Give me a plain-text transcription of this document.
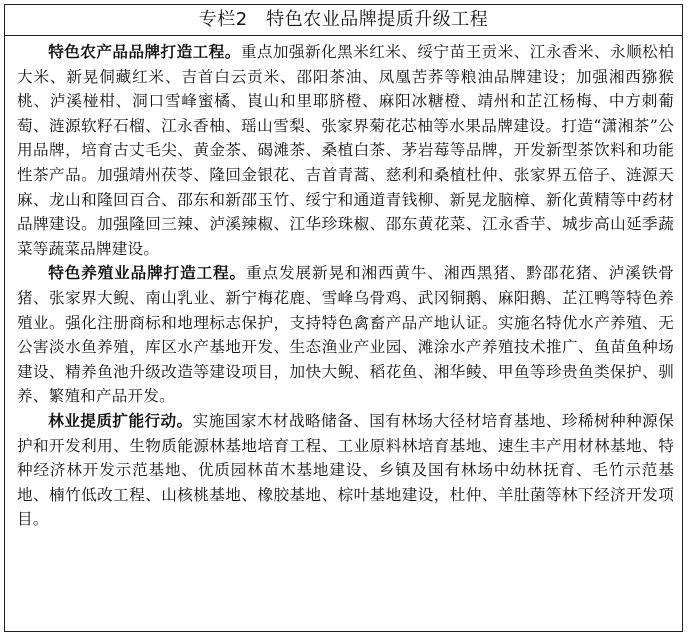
专栏2　特色农业品牌提质升级工程

特色农产品品牌打造工程。重点加强新化黑米红米、绥宁苗王贡米、江永香米、永顺松柏大米、新晃侗藏红米、吉首白云贡米、邵阳茶油、凤凰苦荞等粮油品牌建设；加强湘西猕猴桃、泸溪椪柑、洞口雪峰蜜橘、崀山和里耶脐橙、麻阳冰糖橙、靖州和芷江杨梅、中方刺葡萄、涟源软籽石榴、江永香柚、瑶山雪梨、张家界菊花芯柚等水果品牌建设。打造“潇湘茶”公用品牌，培育古丈毛尖、黄金茶、碣滩茶、桑植白茶、茅岩莓等品牌，开发新型茶饮料和功能性茶产品。加强靖州茯苓、隆回金银花、吉首青蒿、慈利和桑植杜仲、张家界五倍子、涟源天麻、龙山和隆回百合、邵东和新邵玉竹、绥宁和通道青钱柳、新晃龙脑樟、新化黄精等中药材品牌建设。加强隆回三辣、泸溪辣椒、江华珍珠椒、邵东黄花菜、江永香芋、城步高山延季蔬菜等蔬菜品牌建设。

特色养殖业品牌打造工程。重点发展新晃和湘西黄牛、湘西黑猪、黔邵花猪、泸溪铁骨猪、张家界大鲵、南山乳业、新宁梅花鹿、雪峰乌骨鸡、武冈铜鹅、麻阳鹅、芷江鸭等特色养殖业。强化注册商标和地理标志保护，支持特色禽畜产品产地认证。实施名特优水产养殖、无公害淡水鱼养殖，库区水产基地开发、生态渔业产业园、滩涂水产养殖技术推广、鱼苗鱼种场建设、精养鱼池升级改造等建设项目，加快大鲵、稻花鱼、湘华鲮、甲鱼等珍贵鱼类保护、驯养、繁殖和产品开发。

林业提质扩能行动。实施国家木材战略储备、国有林场大径材培育基地、珍稀树种种源保护和开发利用、生物质能源林基地培育工程、工业原料林培育基地、速生丰产用材林基地、特种经济林开发示范基地、优质园林苗木基地建设、乡镇及国有林场中幼林抚育、毛竹示范基地、楠竹低改工程、山核桃基地、橡胶基地、棕叶基地建设，杜仲、羊肚菌等林下经济开发项目。
